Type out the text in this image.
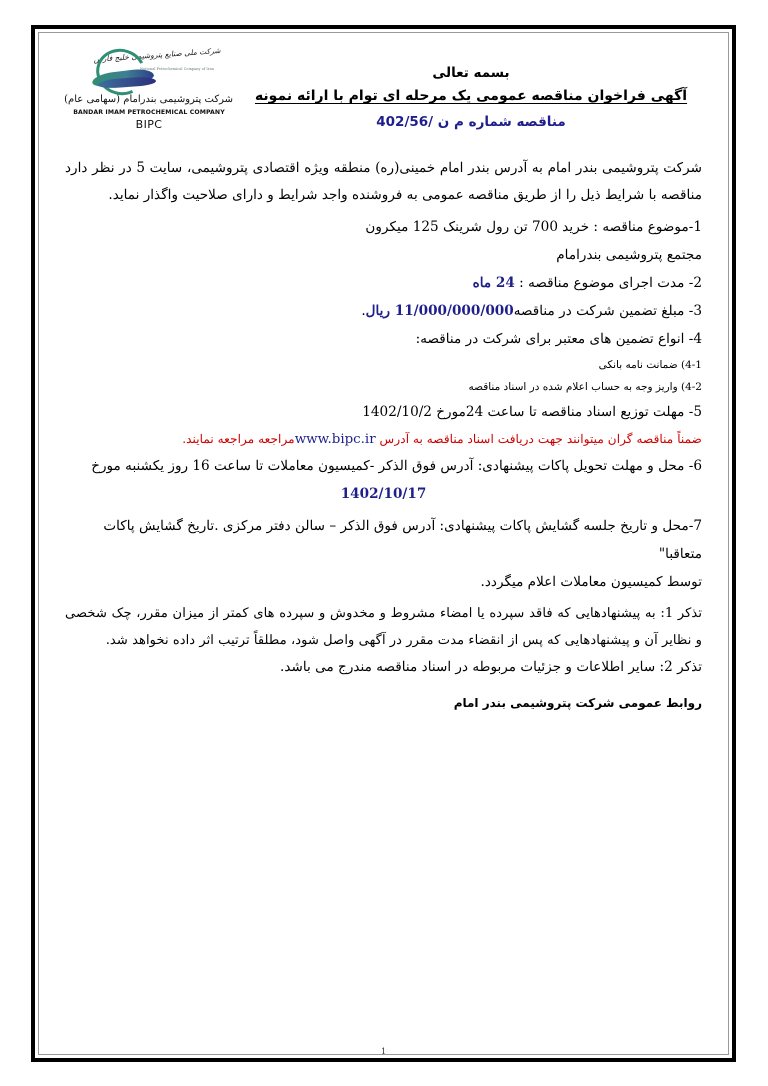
شرکت ملی صنایع پتروشیمی خلیج فارس
National Petrochemical Company of Iran
شرکت پتروشیمی بندرامام (سهامی عام)
BANDAR IMAM PETROCHEMICAL COMPANY
BIPC
بسمه تعالی
آگهی فراخوان مناقصه عمومی یک مرحله ای توام با ارائه نمونه
مناقصه شماره م ن /402/56

شرکت پتروشیمی بندر امام به آدرس بندر امام خمینی(ره) منطقه ویژه اقتصادی پتروشیمی، سایت 5 در نظر دارد مناقصه با شرایط ذیل را از طریق مناقصه عمومی به فروشنده واجد شرایط و دارای صلاحیت واگذار نماید.

1-موضوع مناقصه : خرید 700 تن رول شرینک 125 میکرون

مجتمع پتروشیمی بندرامام

2- مدت اجرای موضوع مناقصه : 24 ماه

3- مبلغ تضمین شرکت در مناقصه11/000/000/000 ریال.

4- انواع تضمین های معتبر برای شرکت در مناقصه:

4-1) ضمانت نامه بانکی

4-2) واریز وجه به حساب اعلام شده در اسناد مناقصه

5- مهلت توزیع اسناد مناقصه تا ساعت 24مورخ 1402/10/2

ضمناً مناقصه گران میتوانند جهت دریافت اسناد مناقصه به آدرس www.bipc.irمراجعه مراجعه نمایند.

6- محل و مهلت تحویل پاکات پیشنهادی: آدرس فوق الذکر -کمیسیون معاملات تا ساعت 16 روز یکشنبه مورخ

1402/10/17

7-محل و تاریخ جلسه گشایش پاکات پیشنهادی: آدرس فوق الذکر – سالن دفتر مرکزی .تاریخ گشایش پاکات متعاقبا"

توسط کمیسیون معاملات اعلام میگردد.

تذکر 1: به پیشنهادهایی که فاقد سپرده یا امضاء مشروط و مخدوش و سپرده های کمتر از میزان مقرر، چک شخصی و نظایر آن و پیشنهادهایی که پس از انقضاء مدت مقرر در آگهی واصل شود، مطلقاً ترتیب اثر داده نخواهد شد.

تذکر 2: سایر اطلاعات و جزئیات مربوطه در اسناد مناقصه مندرج می باشد.

روابط عمومی شرکت پتروشیمی بندر امام
1
